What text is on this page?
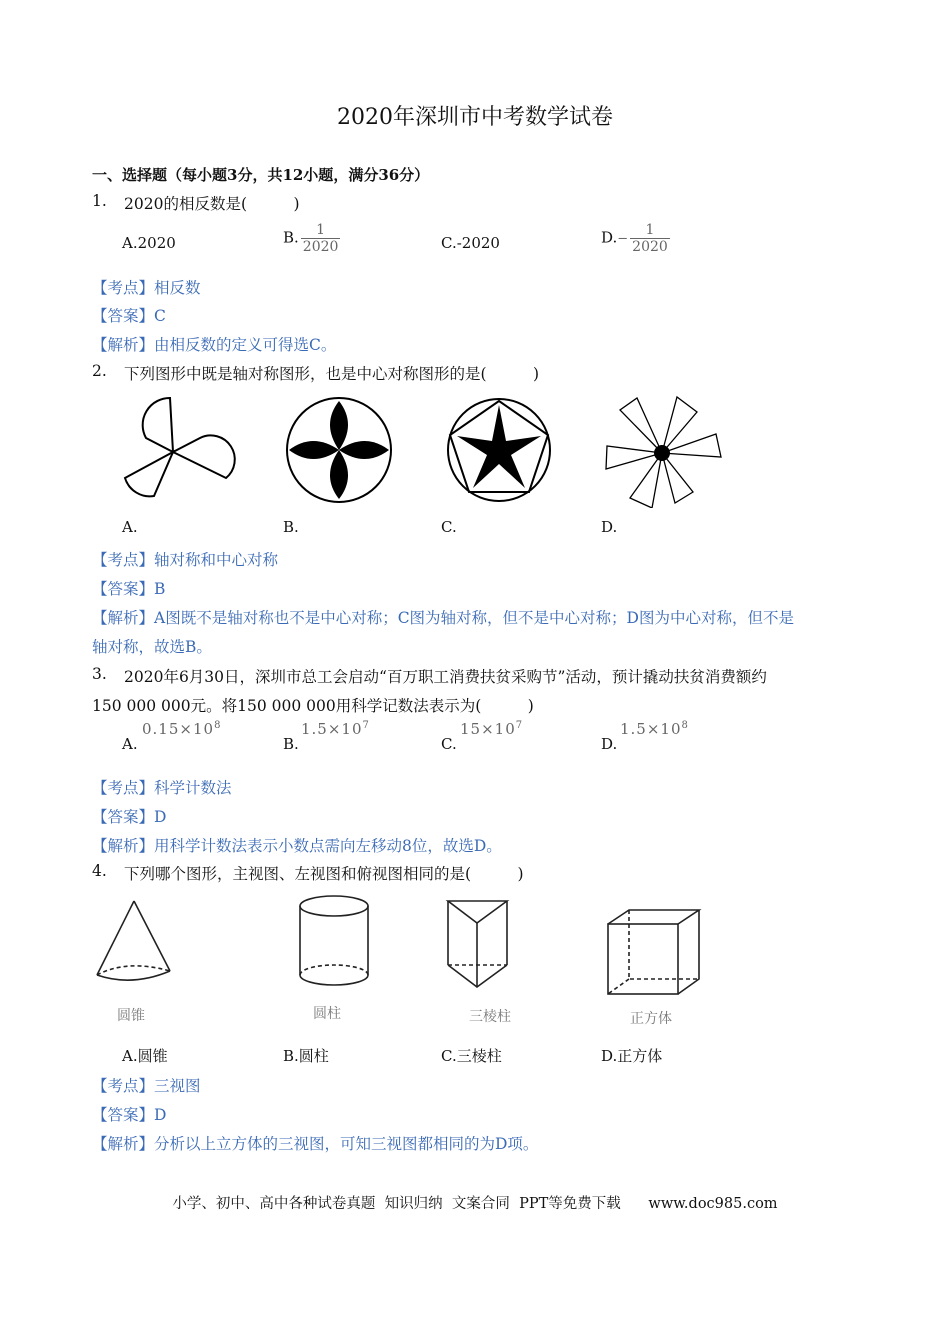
2020年深圳市中考数学试卷
一、选择题（每小题3分，共12小题，满分36分）
1. 2020的相反数是(　　　)
A.2020	B. $\frac{1}{2020}$	C.-2020	$D.- \frac{1}{2020}$
【考点】相反数
【答案】C
【解析】由相反数的定义可得选C。
2. 下列图形中既是轴对称图形，也是中心对称图形的是(　　　)
A.	B.	C.	D.
【考点】轴对称和中心对称
【答案】B
【解析】A图既不是轴对称也不是中心对称；C图为轴对称，但不是中心对称；D图为中心对称，但不是
轴对称，故选B。
3. 2020年6月30日，深圳市总工会启动“百万职工消费扶贫采购节”活动，预计撬动扶贫消费额约
150 000 000元。将150 000 000用科学记数法表示为(　　　)
A.
$0.15\times 10^8$
B.
$1.5\times 10^7$
C.
$15\times 10^7$
D.
$1.5\times 10^8$
【考点】科学计数法
【答案】D
【解析】用科学计数法表示小数点需向左移动8位，故选D。
4. 下列哪个图形，主视图、左视图和俯视图相同的是(　　　)
圆锥	圆柱	三棱柱	正方体
A.圆锥	B.圆柱	C.三棱柱	D.正方体
【考点】三视图
【答案】D
【解析】分析以上立方体的三视图，可知三视图都相同的为D项。
小学、初中、高中各种试卷真题  知识归纳  文案合同  PPT等免费下载      www.doc985.com
